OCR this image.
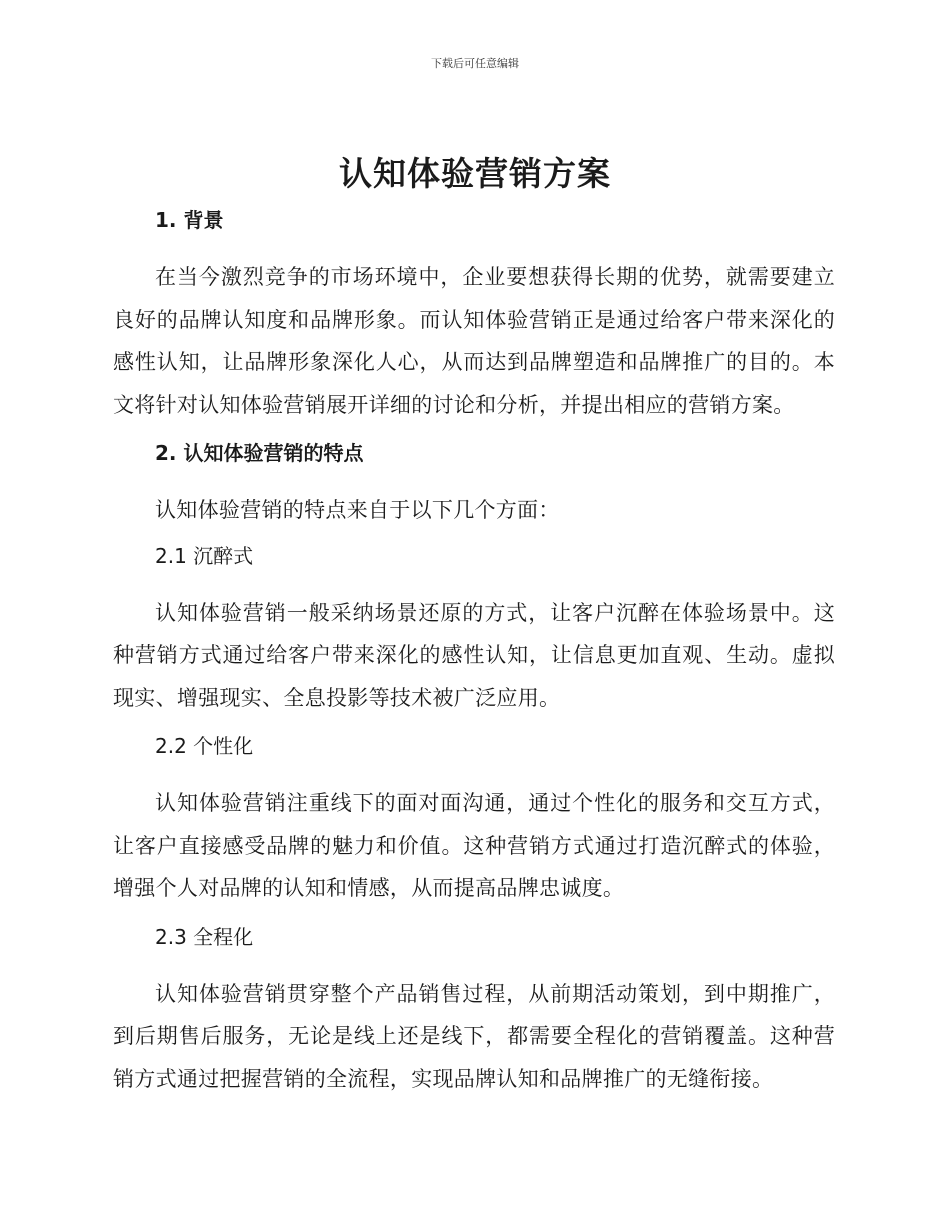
下载后可任意编辑
认知体验营销方案
1. 背景

在当今激烈竞争的市场环境中，企业要想获得长期的优势，就需要建立良好的品牌认知度和品牌形象。而认知体验营销正是通过给客户带来深化的感性认知，让品牌形象深化人心，从而达到品牌塑造和品牌推广的目的。本文将针对认知体验营销展开详细的讨论和分析，并提出相应的营销方案。

2. 认知体验营销的特点

认知体验营销的特点来自于以下几个方面：

2.1 沉醉式

认知体验营销一般采纳场景还原的方式，让客户沉醉在体验场景中。这种营销方式通过给客户带来深化的感性认知，让信息更加直观、生动。虚拟现实、增强现实、全息投影等技术被广泛应用。

2.2 个性化

认知体验营销注重线下的面对面沟通，通过个性化的服务和交互方式，让客户直接感受品牌的魅力和价值。这种营销方式通过打造沉醉式的体验，增强个人对品牌的认知和情感，从而提高品牌忠诚度。

2.3 全程化

认知体验营销贯穿整个产品销售过程，从前期活动策划，到中期推广，到后期售后服务，无论是线上还是线下，都需要全程化的营销覆盖。这种营销方式通过把握营销的全流程，实现品牌认知和品牌推广的无缝衔接。
